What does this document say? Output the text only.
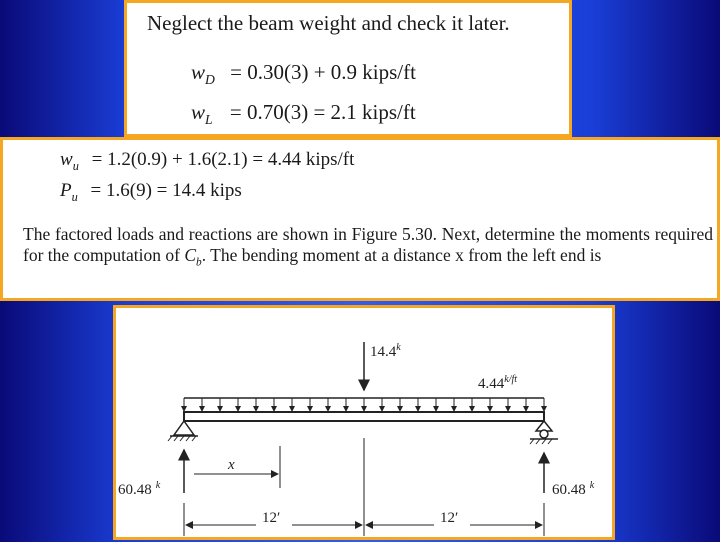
Neglect the beam weight and check it later.
$w_D = 0.30(3) + 0.9$ kips/ft
$w_L = 0.70(3) = 2.1$ kips/ft
$w_u = 1.2(0.9) + 1.6(2.1) = 4.44$ kips/ft
$P_u = 1.6(9) = 14.4$ kips
The factored loads and reactions are shown in Figure 5.30. Next, determine the moments required for the computation of $C_b$. The bending moment at a distance x from the left end is
14.4$^k$
$4.44^{k/ft}$
60.48 $^k$	60.48 $^k$
x
12′	12′
